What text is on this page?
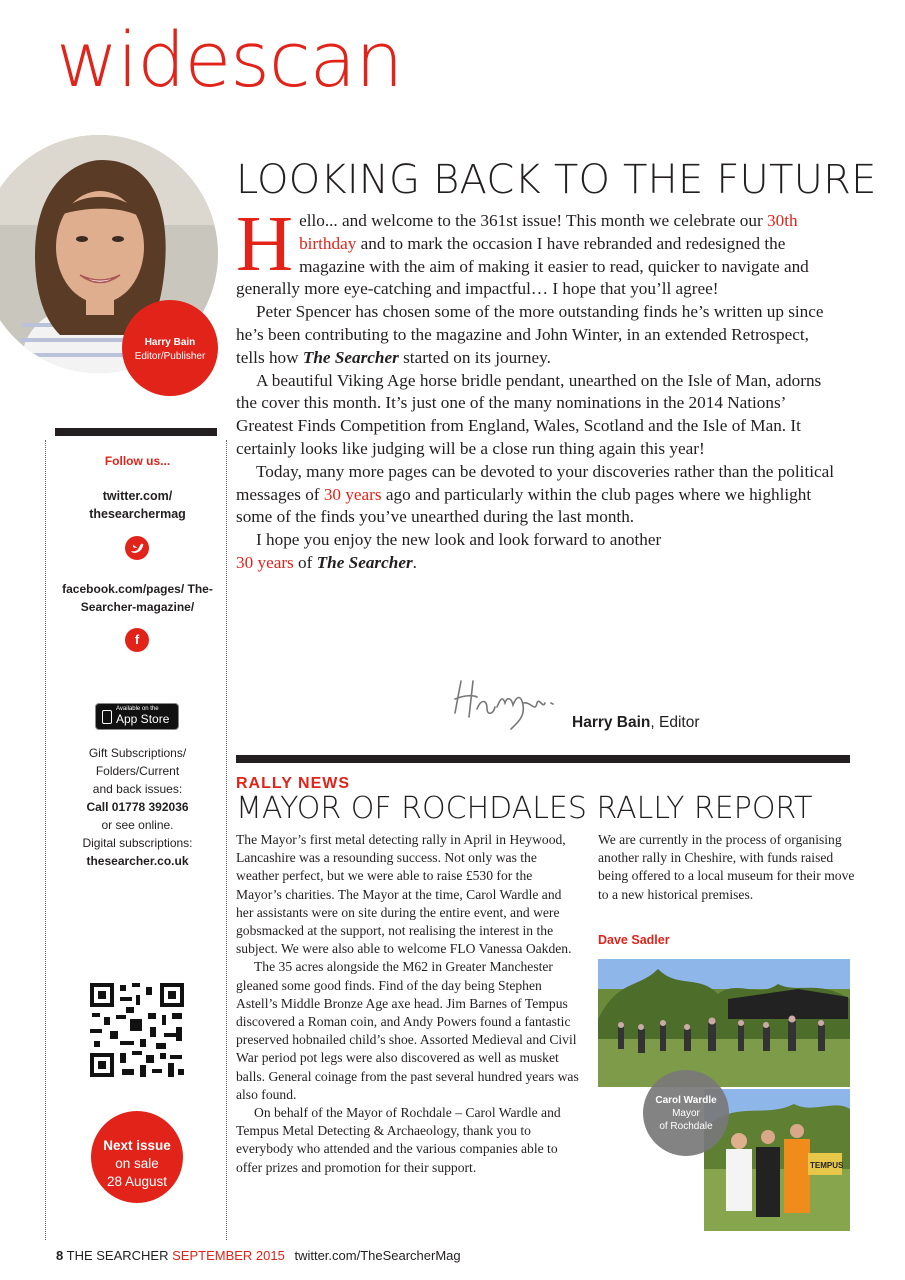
widescan
Harry Bain
Editor/Publisher
Follow us...
twitter.com/ thesearchermag
facebook.com/pages/ The-Searcher-magazine/
f
Available on the
App Store
Gift Subscriptions/
Folders/Current
and back issues:
Call 01778 392036
or see online.
Digital subscriptions:
thesearcher.co.uk
Next issue
on sale
28 August
LOOKING BACK TO THE FUTURE

Hello... and welcome to the 361st issue! This month we celebrate our 30th birthday and to mark the occasion I have rebranded and redesigned the magazine with the aim of making it easier to read, quicker to navigate and generally more eye-catching and impactful… I hope that you’ll agree!

Peter Spencer has chosen some of the more outstanding finds he’s written up since he’s been contributing to the magazine and John Winter, in an extended Retrospect, tells how The Searcher started on its journey.

A beautiful Viking Age horse bridle pendant, unearthed on the Isle of Man, adorns the cover this month. It’s just one of the many nominations in the 2014 Nations’ Greatest Finds Competition from England, Wales, Scotland and the Isle of Man. It certainly looks like judging will be a close run thing again this year!

Today, many more pages can be devoted to your discoveries rather than the political messages of 30 years ago and particularly within the club pages where we highlight some of the finds you’ve unearthed during the last month.

I hope you enjoy the new look and look forward to another
30 years of The Searcher.

Harry Bain, Editor
RALLY NEWS
MAYOR OF ROCHDALES RALLY REPORT

The Mayor’s first metal detecting rally in April in Heywood, Lancashire was a resounding success. Not only was the weather perfect, but we were able to raise £530 for the Mayor’s charities. The Mayor at the time, Carol Wardle and her assistants were on site during the entire event, and were gobsmacked at the support, not realising the interest in the subject. We were also able to welcome FLO Vanessa Oakden.

The 35 acres alongside the M62 in Greater Manchester gleaned some good finds. Find of the day being Stephen Astell’s Middle Bronze Age axe head. Jim Barnes of Tempus discovered a Roman coin, and Andy Powers found a fantastic preserved hobnailed child’s shoe. Assorted Medieval and Civil War period pot legs were also discovered as well as musket balls. General coinage from the past several hundred years was also found.

On behalf of the Mayor of Rochdale – Carol Wardle and Tempus Metal Detecting & Archaeology, thank you to everybody who attended and the various companies able to offer prizes and promotion for their support.

We are currently in the process of organising another rally in Cheshire, with funds raised being offered to a local museum for their move to a new historical premises.
Dave Sadler
TEMPUS
Carol Wardle
Mayor
of Rochdale
8 THE SEARCHER SEPTEMBER 2015 twitter.com/TheSearcherMag
